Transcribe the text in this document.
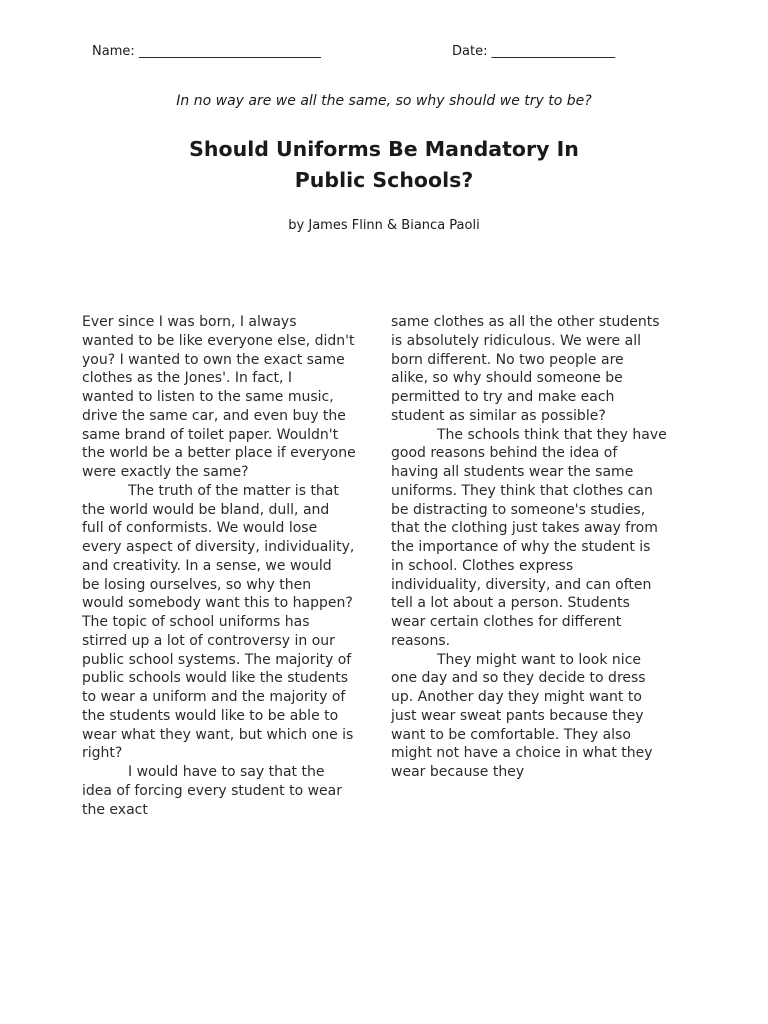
Name: ____________________________	Date: ___________________
In no way are we all the same, so why should we try to be?
Should Uniforms Be Mandatory In
Public Schools?
by James Flinn & Bianca Paoli
Ever since I was born, I always
wanted to be like everyone else, didn't
you? I wanted to own the exact same
clothes as the Jones'. In fact, I
wanted to listen to the same music,
drive the same car, and even buy the
same brand of toilet paper. Wouldn't
the world be a better place if everyone
were exactly the same?
The truth of the matter is that
the world would be bland, dull, and
full of conformists. We would lose
every aspect of diversity, individuality,
and creativity. In a sense, we would
be losing ourselves, so why then
would somebody want this to happen?
The topic of school uniforms has
stirred up a lot of controversy in our
public school systems. The majority of
public schools would like the students
to wear a uniform and the majority of
the students would like to be able to
wear what they want, but which one is
right?
I would have to say that the
idea of forcing every student to wear
the exact
same clothes as all the other students
is absolutely ridiculous. We were all
born different. No two people are
alike, so why should someone be
permitted to try and make each
student as similar as possible?
The schools think that they have
good reasons behind the idea of
having all students wear the same
uniforms. They think that clothes can
be distracting to someone's studies,
that the clothing just takes away from
the importance of why the student is
in school. Clothes express
individuality, diversity, and can often
tell a lot about a person. Students
wear certain clothes for different
reasons.
They might want to look nice
one day and so they decide to dress
up. Another day they might want to
just wear sweat pants because they
want to be comfortable. They also
might not have a choice in what they
wear because they
